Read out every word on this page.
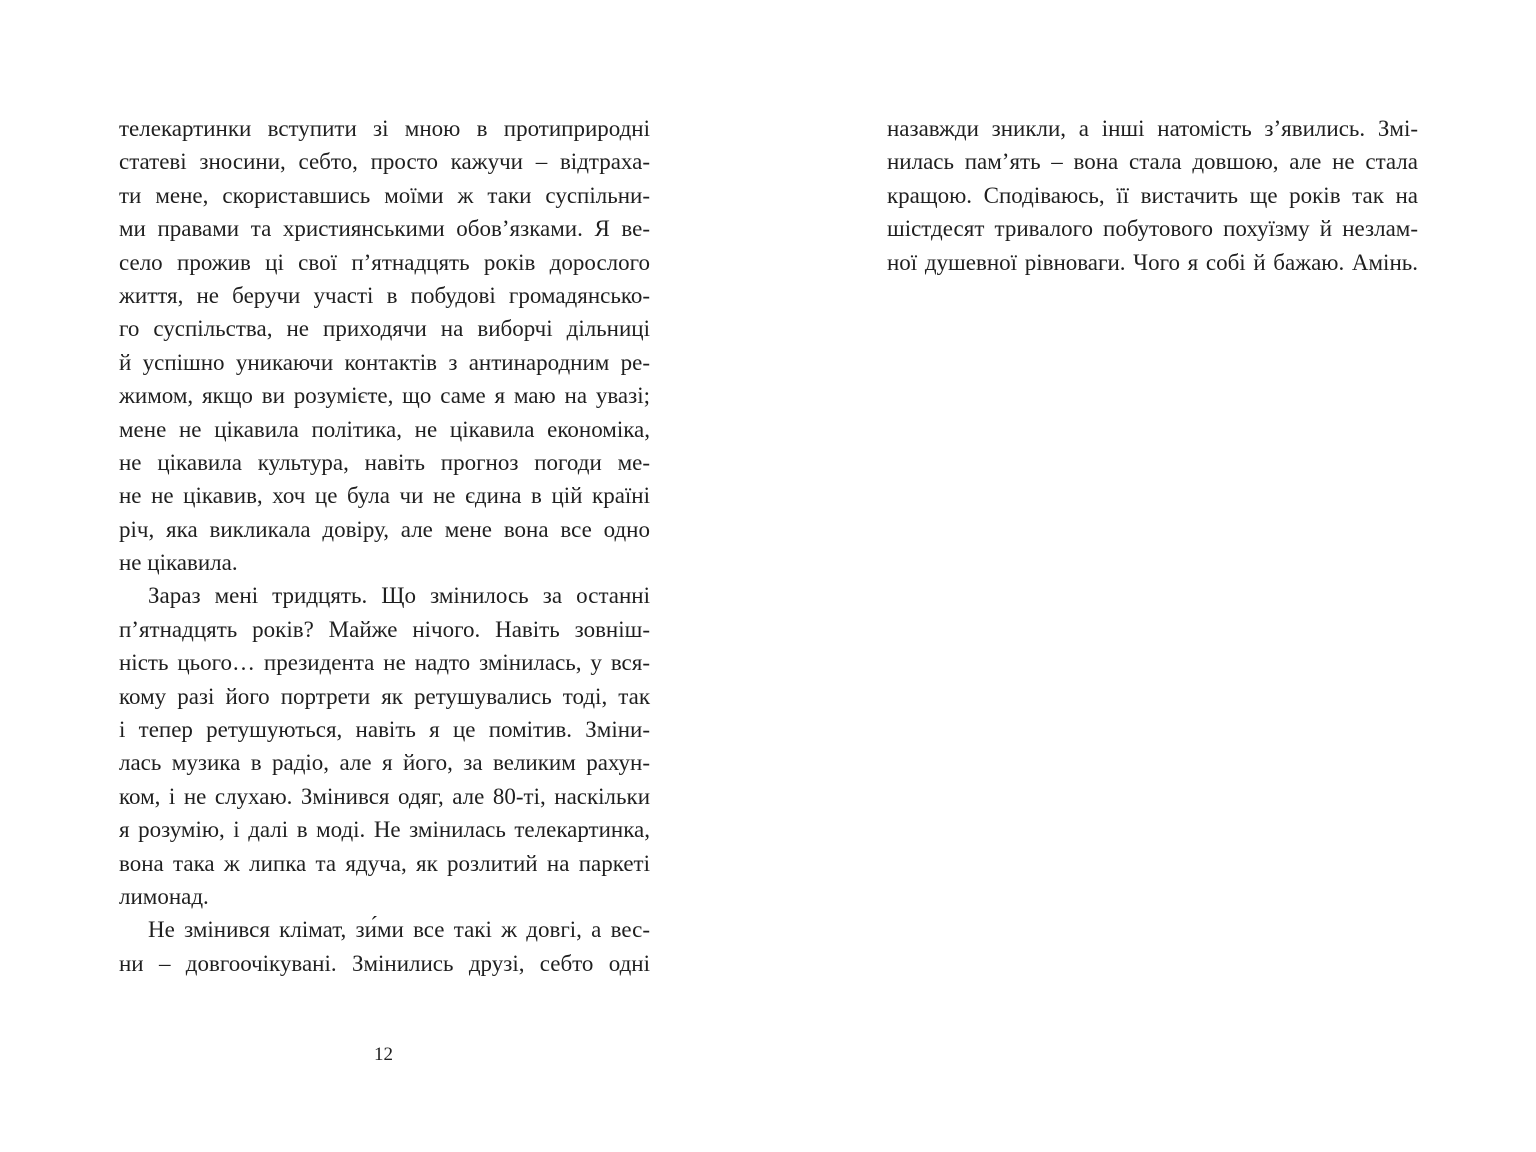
телекартинки вступити зі мною в протиприродні
статеві зносини, себто, просто кажучи – відтраха-
ти мене, скориставшись моїми ж таки суспільни-
ми правами та християнськими обов’язками. Я ве-
село прожив ці свої п’ятнадцять років дорослого
життя, не беручи участі в побудові громадянсько-
го суспільства, не приходячи на виборчі дільниці
й успішно уникаючи контактів з антинародним ре-
жимом, якщо ви розумієте, що саме я маю на увазі;
мене не цікавила політика, не цікавила економіка,
не цікавила культура, навіть прогноз погоди ме-
не не цікавив, хоч це була чи не єдина в цій країні
річ, яка викликала довіру, але мене вона все одно
не цікавила.
Зараз мені тридцять. Що змінилось за останні
п’ятнадцять років? Майже нічого. Навіть зовніш-
ність цього… президента не надто змінилась, у вся-
кому разі його портрети як ретушувались тоді, так
і тепер ретушуються, навіть я це помітив. Зміни-
лась музика в радіо, але я його, за великим рахун-
ком, і не слухаю. Змінився одяг, але 80-ті, наскільки
я розумію, і далі в моді. Не змінилась телекартинка,
вона така ж липка та ядуча, як розлитий на паркеті
лимонад.
Не змінився клімат, зи́ми все такі ж довгі, а вес-
ни – довгоочікувані. Змінились друзі, себто одні
12
назавжди зникли, а інші натомість з’явились. Змі-
нилась пам’ять – вона стала довшою, але не стала
кращою. Сподіваюсь, її вистачить ще років так на
шістдесят тривалого побутового похуїзму й незлам-
ної душевної рівноваги. Чого я собі й бажаю. Амінь.
